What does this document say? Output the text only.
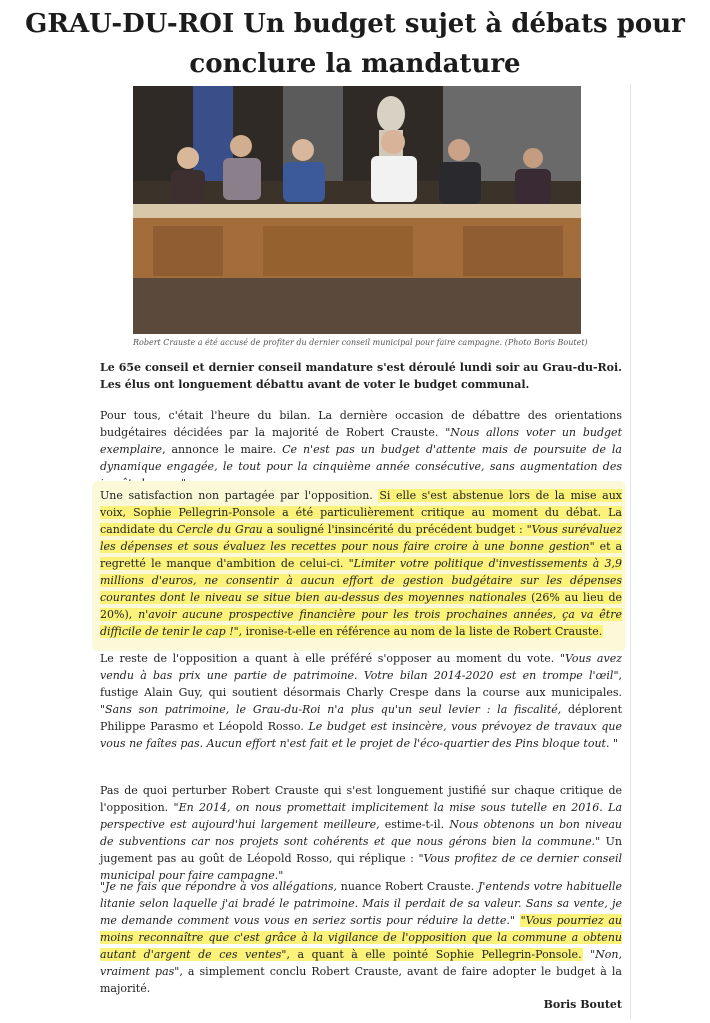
GRAU-DU-ROI Un budget sujet à débats pour conclure la mandature
Robert Crauste a été accusé de profiter du dernier conseil municipal pour faire campagne. (Photo Boris Boutet)

Le 65e conseil et dernier conseil mandature s'est déroulé lundi soir au Grau-du-Roi. Les élus ont longuement débattu avant de voter le budget communal.

Pour tous, c'était l'heure du bilan. La dernière occasion de débattre des orientations budgétaires décidées par la majorité de Robert Crauste. "Nous allons voter un budget exemplaire, annonce le maire. Ce n'est pas un budget d'attente mais de poursuite de la dynamique engagée, le tout pour la cinquième année consécutive, sans augmentation des

Une satisfaction non partagée par l'opposition. Si elle s'est abstenue lors de la mise aux voix, Sophie Pellegrin-Ponsole a été particulièrement critique au moment du débat. La candidate du Cercle du Grau a souligné l'insincérité du précédent budget : "Vous surévaluez les dépenses et sous évaluez les recettes pour nous faire croire à une bonne gestion" et a regretté le manque d'ambition de celui-ci. "Limiter votre politique d'investissements à 3,9 millions d'euros, ne consentir à aucun effort de gestion budgétaire sur les dépenses courantes dont le niveau se situe bien au-dessus des moyennes nationales (26% au lieu de 20%), n'avoir aucune prospective financière pour les trois prochaines années, ça va être difficile de tenir le cap !", ironise-t-elle en référence au nom de la liste de Robert Crauste.

Le reste de l'opposition a quant à elle préféré s'opposer au moment du vote. "Vous avez vendu à bas prix une partie de patrimoine. Votre bilan 2014-2020 est en trompe l'œil", fustige Alain Guy, qui soutient désormais Charly Crespe dans la course aux municipales. "Sans son patrimoine, le Grau-du-Roi n'a plus qu'un seul levier : la fiscalité, déplorent Philippe Parasmo et Léopold Rosso. Le budget est insincère, vous prévoyez de travaux que vous ne faîtes pas. Aucun effort n'est fait et le projet de l'éco-quartier des Pins bloque tout. "

Pas de quoi perturber Robert Crauste qui s'est longuement justifié sur chaque critique de l'opposition. "En 2014, on nous promettait implicitement la mise sous tutelle en 2016. La perspective est aujourd'hui largement meilleure, estime-t-il. Nous obtenons un bon niveau de subventions car nos projets sont cohérents et que nous gérons bien la commune." Un jugement pas au goût de Léopold Rosso, qui réplique : "Vous profitez de ce dernier conseil municipal pour faire campagne."

"Je ne fais que répondre à vos allégations, nuance Robert Crauste. J'entends votre habituelle litanie selon laquelle j'ai bradé le patrimoine. Mais il perdait de sa valeur. Sans sa vente, je me demande comment vous vous en seriez sortis pour réduire la dette." "Vous pourriez au moins reconnaître que c'est grâce à la vigilance de l'opposition que la commune a obtenu autant d'argent de ces ventes", a quant à elle pointé Sophie Pellegrin-Ponsole. "Non, vraiment pas", a simplement conclu Robert Crauste, avant de faire adopter le budget à la majorité.

Boris Boutet
